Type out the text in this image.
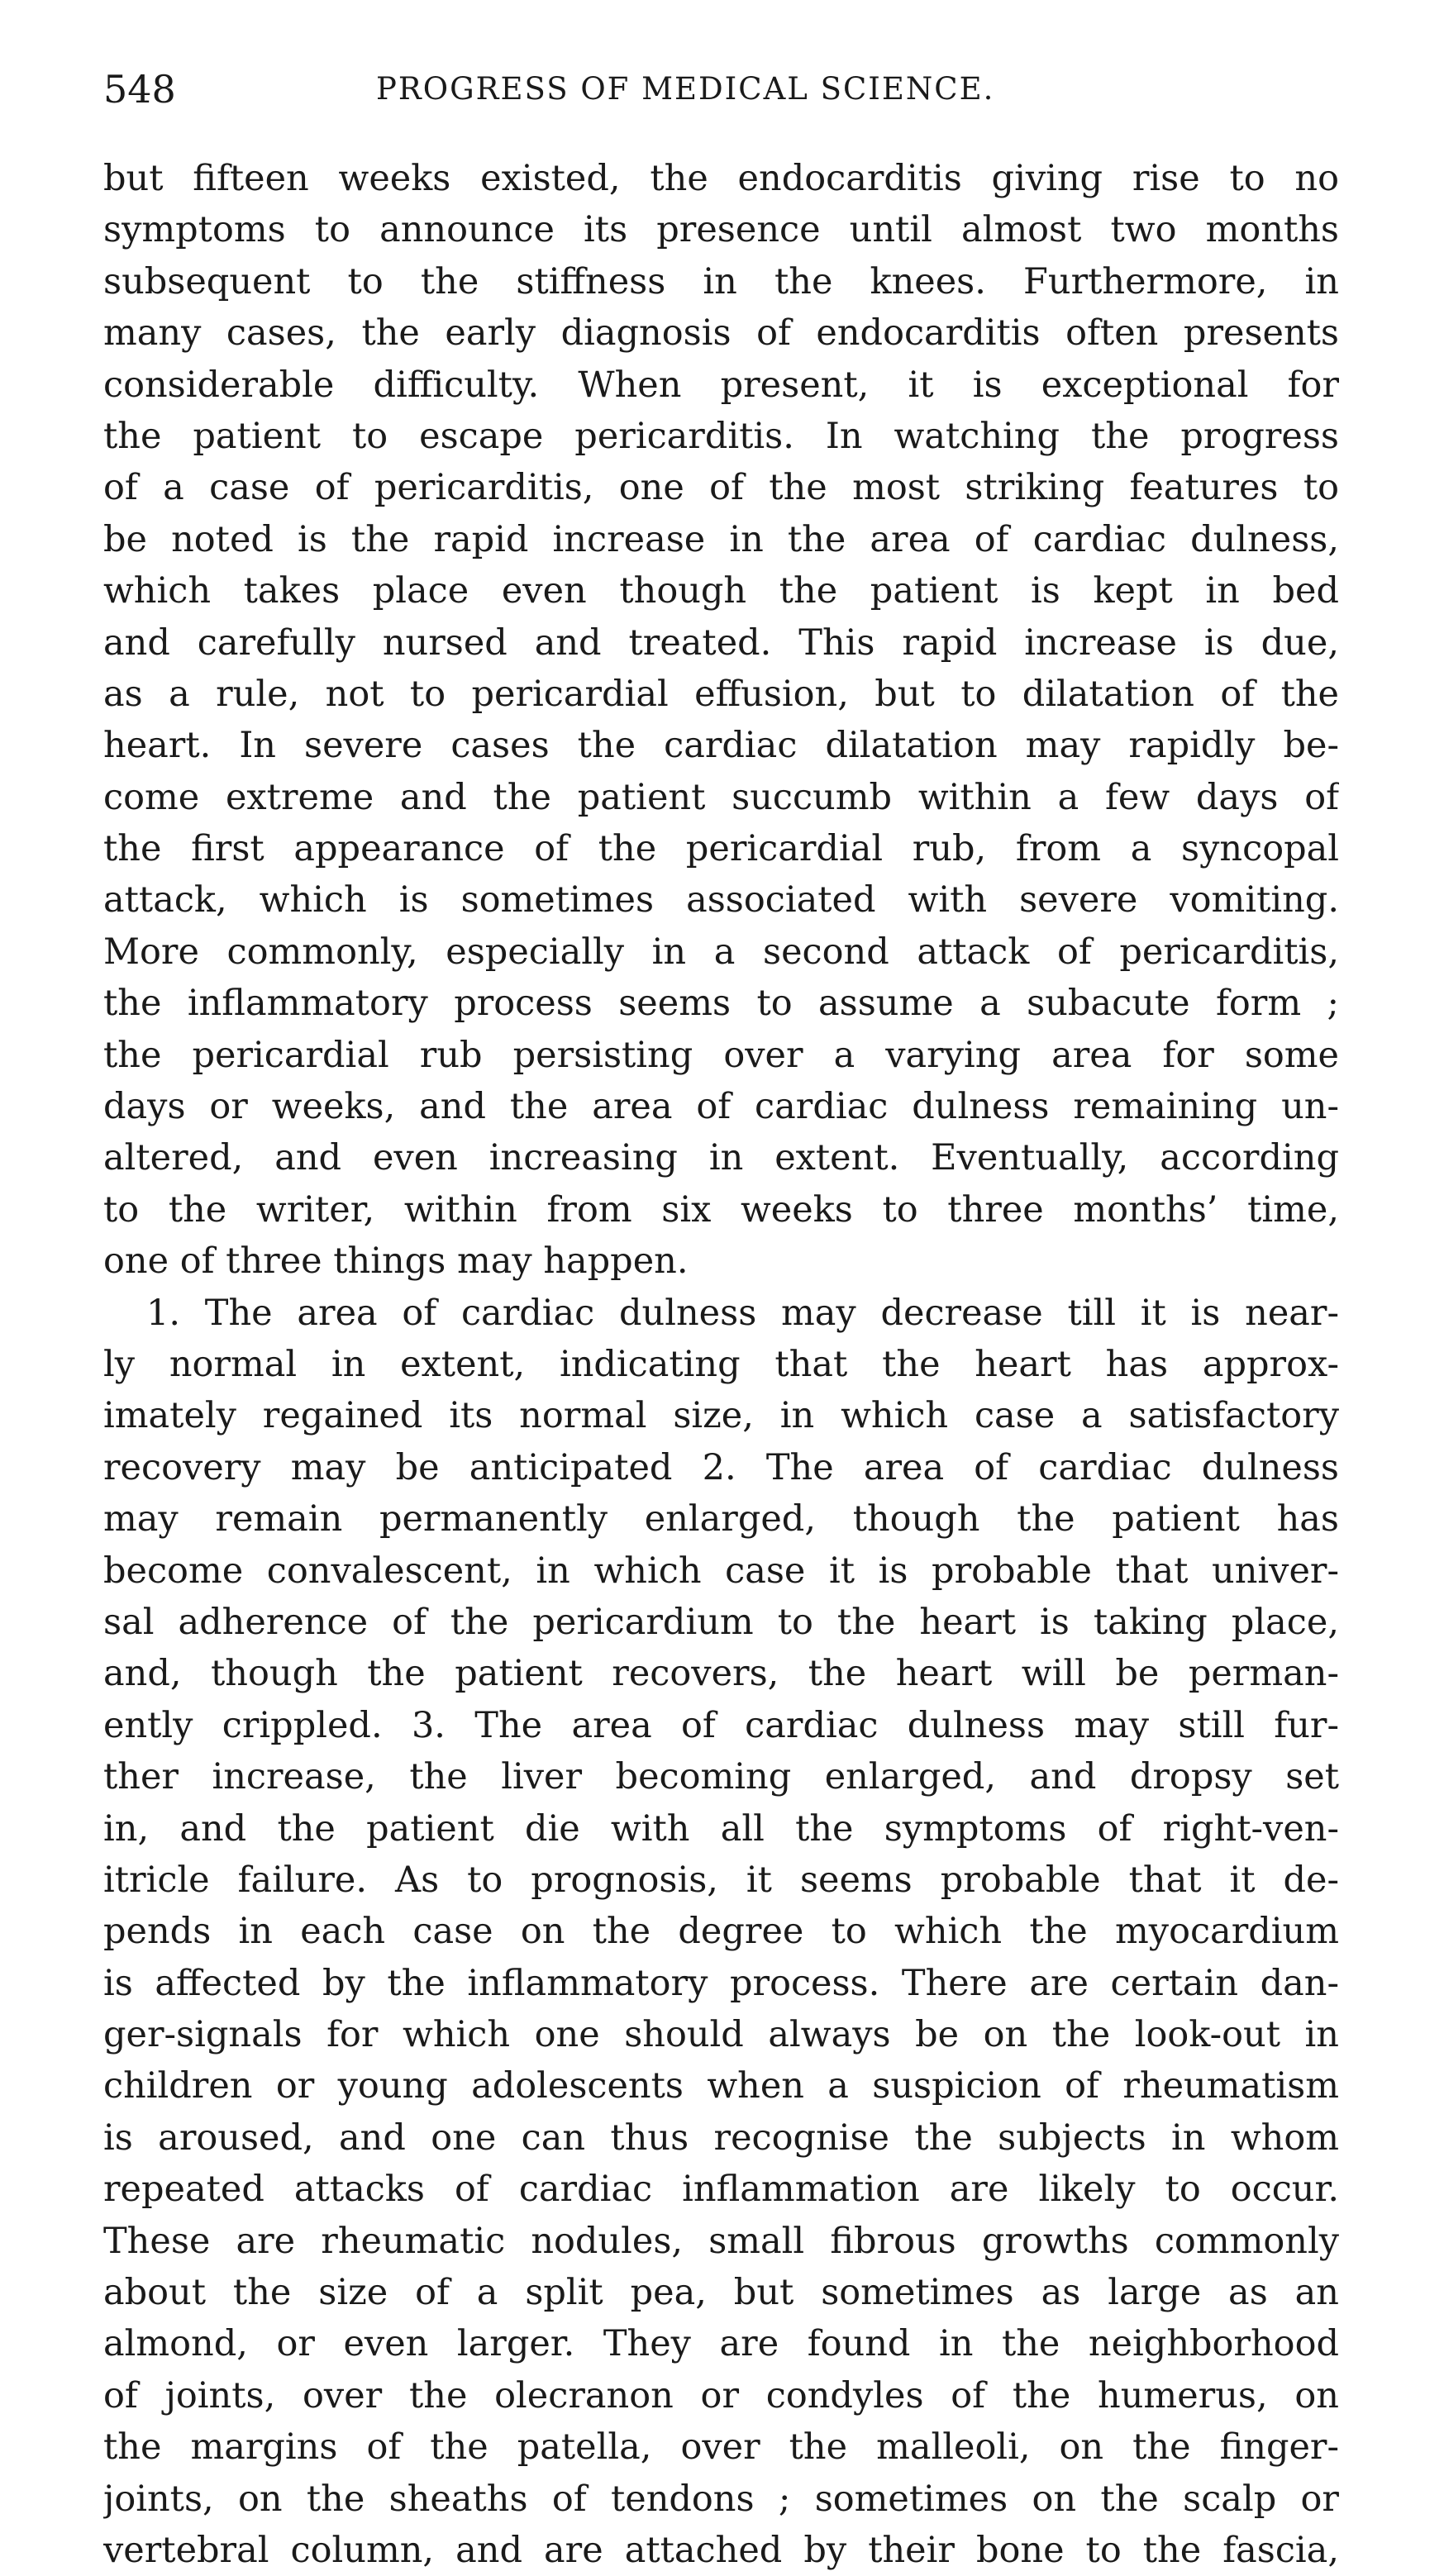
548	PROGRESS OF MEDICAL SCIENCE.
but fifteen weeks existed, the endocarditis giving rise to no
symptoms to announce its presence until almost two months
subsequent to the stiffness in the knees. Furthermore, in
many cases, the early diagnosis of endocarditis often presents
considerable difficulty. When present, it is exceptional for
the patient to escape pericarditis. In watching the progress
of a case of pericarditis, one of the most striking features to
be noted is the rapid increase in the area of cardiac dulness,
which takes place even though the patient is kept in bed
and carefully nursed and treated. This rapid increase is due,
as a rule, not to pericardial effusion, but to dilatation of the
heart. In severe cases the cardiac dilatation may rapidly be-
come extreme and the patient succumb within a few days of
the first appearance of the pericardial rub, from a syncopal
attack, which is sometimes associated with severe vomiting.
More commonly, especially in a second attack of pericarditis,
the inflammatory process seems to assume a subacute form ;
the pericardial rub persisting over a varying area for some
days or weeks, and the area of cardiac dulness remaining un-
altered, and even increasing in extent. Eventually, according
to the writer, within from six weeks to three months’ time,
one of three things may happen.
1. The area of cardiac dulness may decrease till it is near-
ly normal in extent, indicating that the heart has approx-
imately regained its normal size, in which case a satisfactory
recovery may be anticipated 2. The area of cardiac dulness
may remain permanently enlarged, though the patient has
become convalescent, in which case it is probable that univer-
sal adherence of the pericardium to the heart is taking place,
and, though the patient recovers, the heart will be perman-
ently crippled. 3. The area of cardiac dulness may still fur-
ther increase, the liver becoming enlarged, and dropsy set
in, and the patient die with all the symptoms of right-ven-
itricle failure. As to prognosis, it seems probable that it de-
pends in each case on the degree to which the myocardium
is affected by the inflammatory process. There are certain dan-
ger-signals for which one should always be on the look-out in
children or young adolescents when a suspicion of rheumatism
is aroused, and one can thus recognise the subjects in whom
repeated attacks of cardiac inflammation are likely to occur.
These are rheumatic nodules, small fibrous growths commonly
about the size of a split pea, but sometimes as large as an
almond, or even larger. They are found in the neighborhood
of joints, over the olecranon or condyles of the humerus, on
the margins of the patella, over the malleoli, on the finger-
joints, on the sheaths of tendons ; sometimes on the scalp or
vertebral column, and are attached by their bone to the fascia,
